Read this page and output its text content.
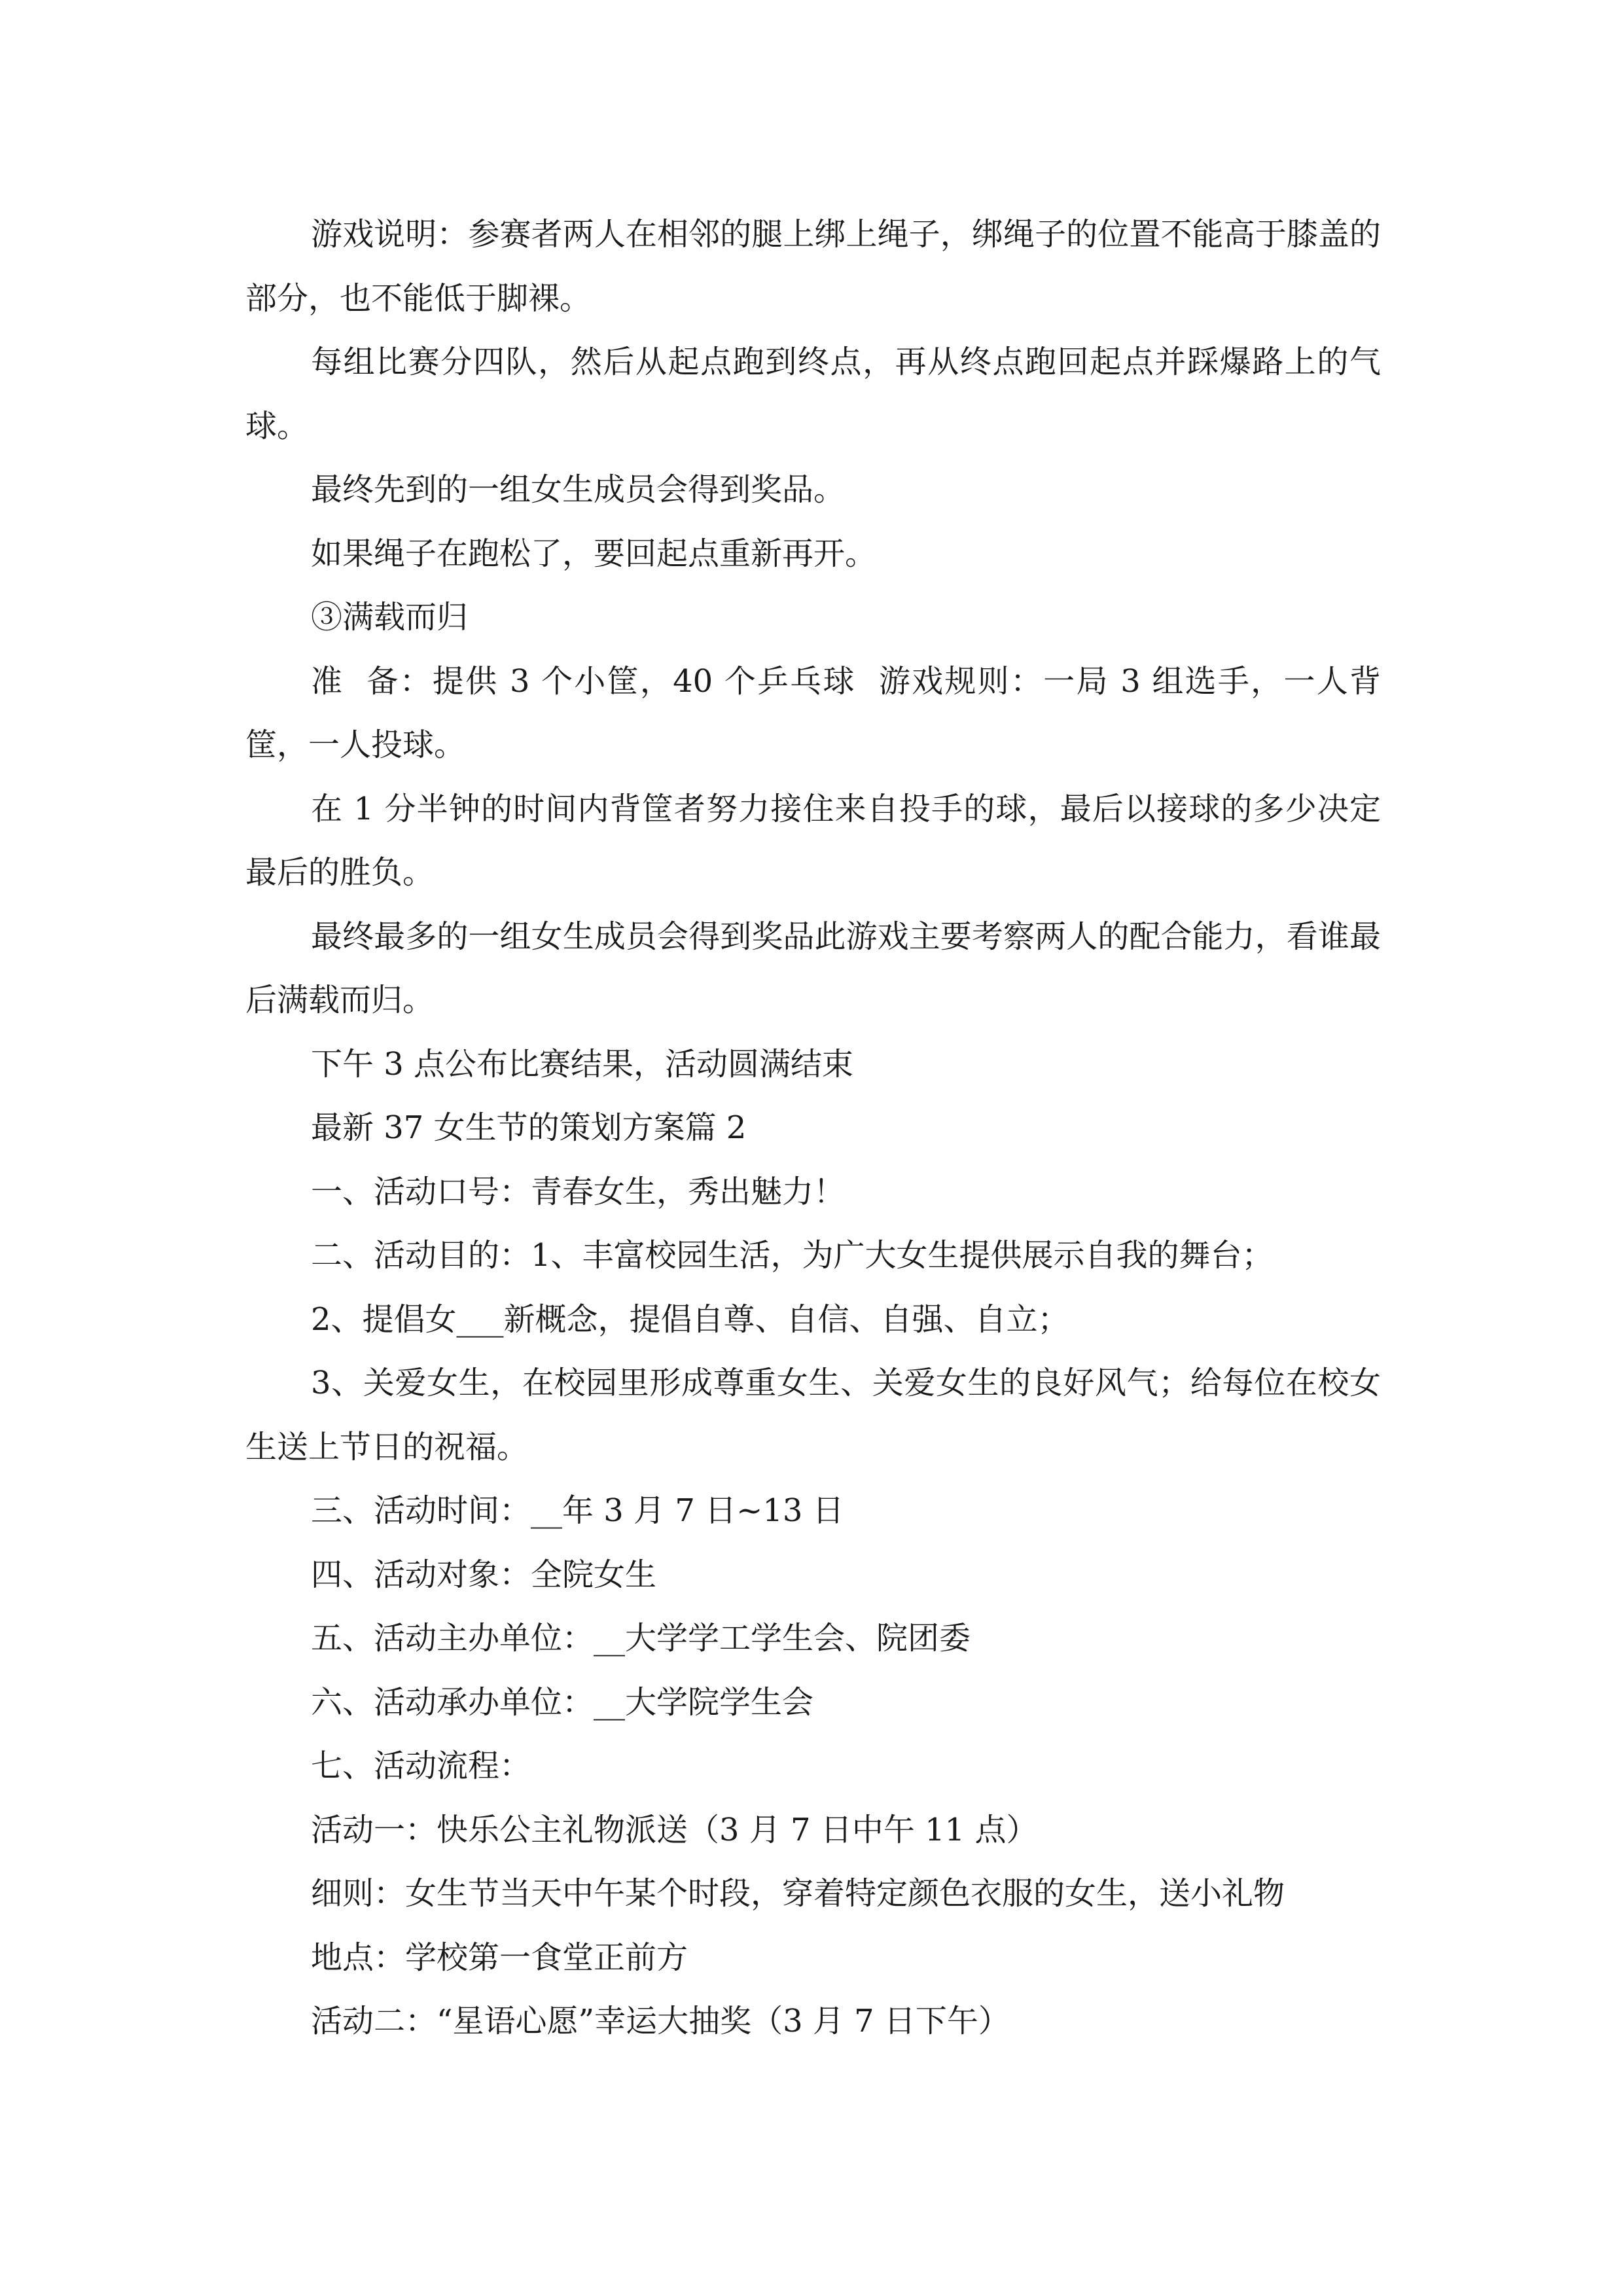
游戏说明：参赛者两人在相邻的腿上绑上绳子，绑绳子的位置不能高于膝盖的部分，也不能低于脚裸。

每组比赛分四队，然后从起点跑到终点，再从终点跑回起点并踩爆路上的气球。

最终先到的一组女生成员会得到奖品。

如果绳子在跑松了，要回起点重新再开。

③满载而归

准  备：提供 3 个小筐，40 个乒乓球  游戏规则：一局 3 组选手，一人背筐，一人投球。

在 1 分半钟的时间内背筐者努力接住来自投手的球，最后以接球的多少决定最后的胜负。

最终最多的一组女生成员会得到奖品此游戏主要考察两人的配合能力，看谁最后满载而归。

下午 3 点公布比赛结果，活动圆满结束

最新 37 女生节的策划方案篇 2

一、活动口号：青春女生，秀出魅力！

二、活动目的：1、丰富校园生活，为广大女生提供展示自我的舞台；

2、提倡女___新概念，提倡自尊、自信、自强、自立；

3、关爱女生，在校园里形成尊重女生、关爱女生的良好风气；给每位在校女生送上节日的祝福。

三、活动时间：__年 3 月 7 日~13 日

四、活动对象：全院女生

五、活动主办单位：__大学学工学生会、院团委

六、活动承办单位：__大学院学生会

七、活动流程：

活动一：快乐公主礼物派送（3 月 7 日中午 11 点）

细则：女生节当天中午某个时段，穿着特定颜色衣服的女生，送小礼物

地点：学校第一食堂正前方

活动二：“星语心愿”幸运大抽奖（3 月 7 日下午）
